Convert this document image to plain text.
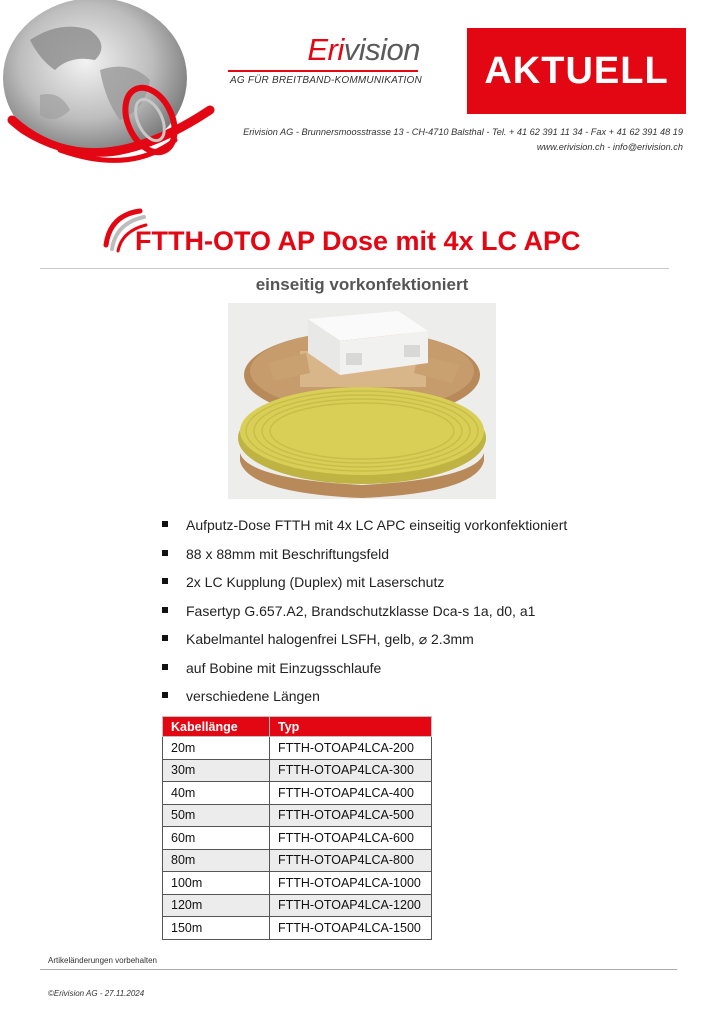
Erivision
AG FÜR BREITBAND-KOMMUNIKATION	AKTUELL
Erivision AG - Brunnersmoosstrasse 13 - CH-4710 Balsthal - Tel. + 41 62 391 11 34 - Fax + 41 62 391 48 19
www.erivision.ch - info@erivision.ch
FTTH-OTO AP Dose mit 4x LC APC
einseitig vorkonfektioniert
Aufputz-Dose FTTH mit 4x LC APC einseitig vorkonfektioniert
88 x 88mm mit Beschriftungsfeld
2x LC Kupplung (Duplex) mit Laserschutz
Fasertyp G.657.A2, Brandschutzklasse Dca-s 1a, d0, a1
Kabelmantel halogenfrei LSFH, gelb, ⌀ 2.3mm
auf Bobine mit Einzugsschlaufe
verschiedene Längen
Kabellänge	Typ
20m	FTTH-OTOAP4LCA-200
30m	FTTH-OTOAP4LCA-300
40m	FTTH-OTOAP4LCA-400
50m	FTTH-OTOAP4LCA-500
60m	FTTH-OTOAP4LCA-600
80m	FTTH-OTOAP4LCA-800
100m	FTTH-OTOAP4LCA-1000
120m	FTTH-OTOAP4LCA-1200
150m	FTTH-OTOAP4LCA-1500
Artikeländerungen vorbehalten
©Erivision AG - 27.11.2024
